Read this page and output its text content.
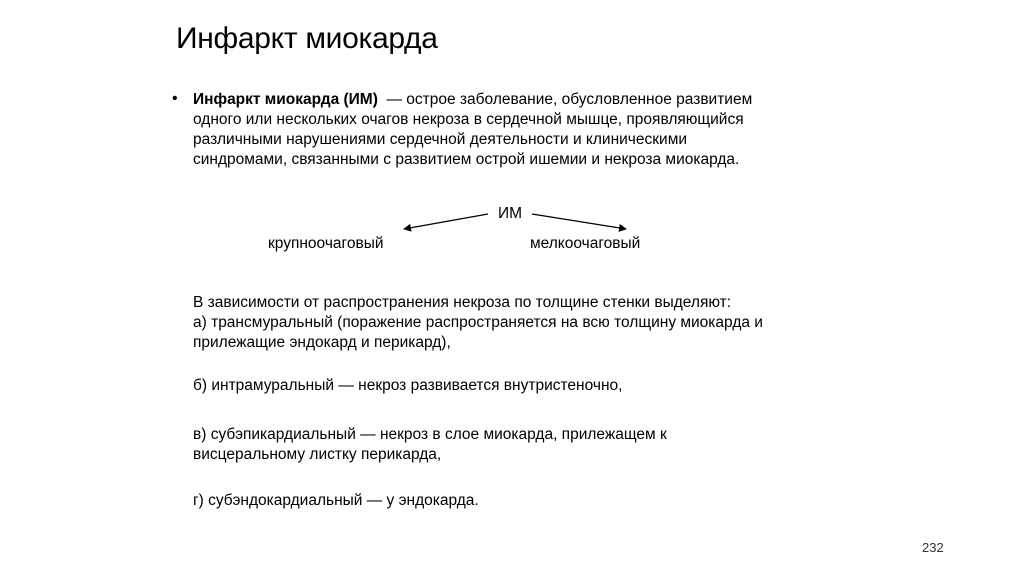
Инфаркт миокарда
• Инфаркт миокарда (ИМ)  — острое заболевание, обусловленное развитием
одного или нескольких очагов некроза в сердечной мышце, проявляющийся
различными нарушениями сердечной деятельности и клиническими
синдромами, связанными с развитием острой ишемии и некроза миокарда.
ИМ
крупноочаговый	мелкоочаговый
В зависимости от распространения некроза по толщине стенки выделяют:
а) трансмуральный (поражение распространяется на всю толщину миокарда и
прилежащие эндокард и перикард),
б) интрамуральный — некроз развивается внутристеночно,
в) субэпикардиальный — некроз в слое миокарда, прилежащем к
висцеральному листку перикарда,
г) субэндокардиальный — у эндокарда.
232
